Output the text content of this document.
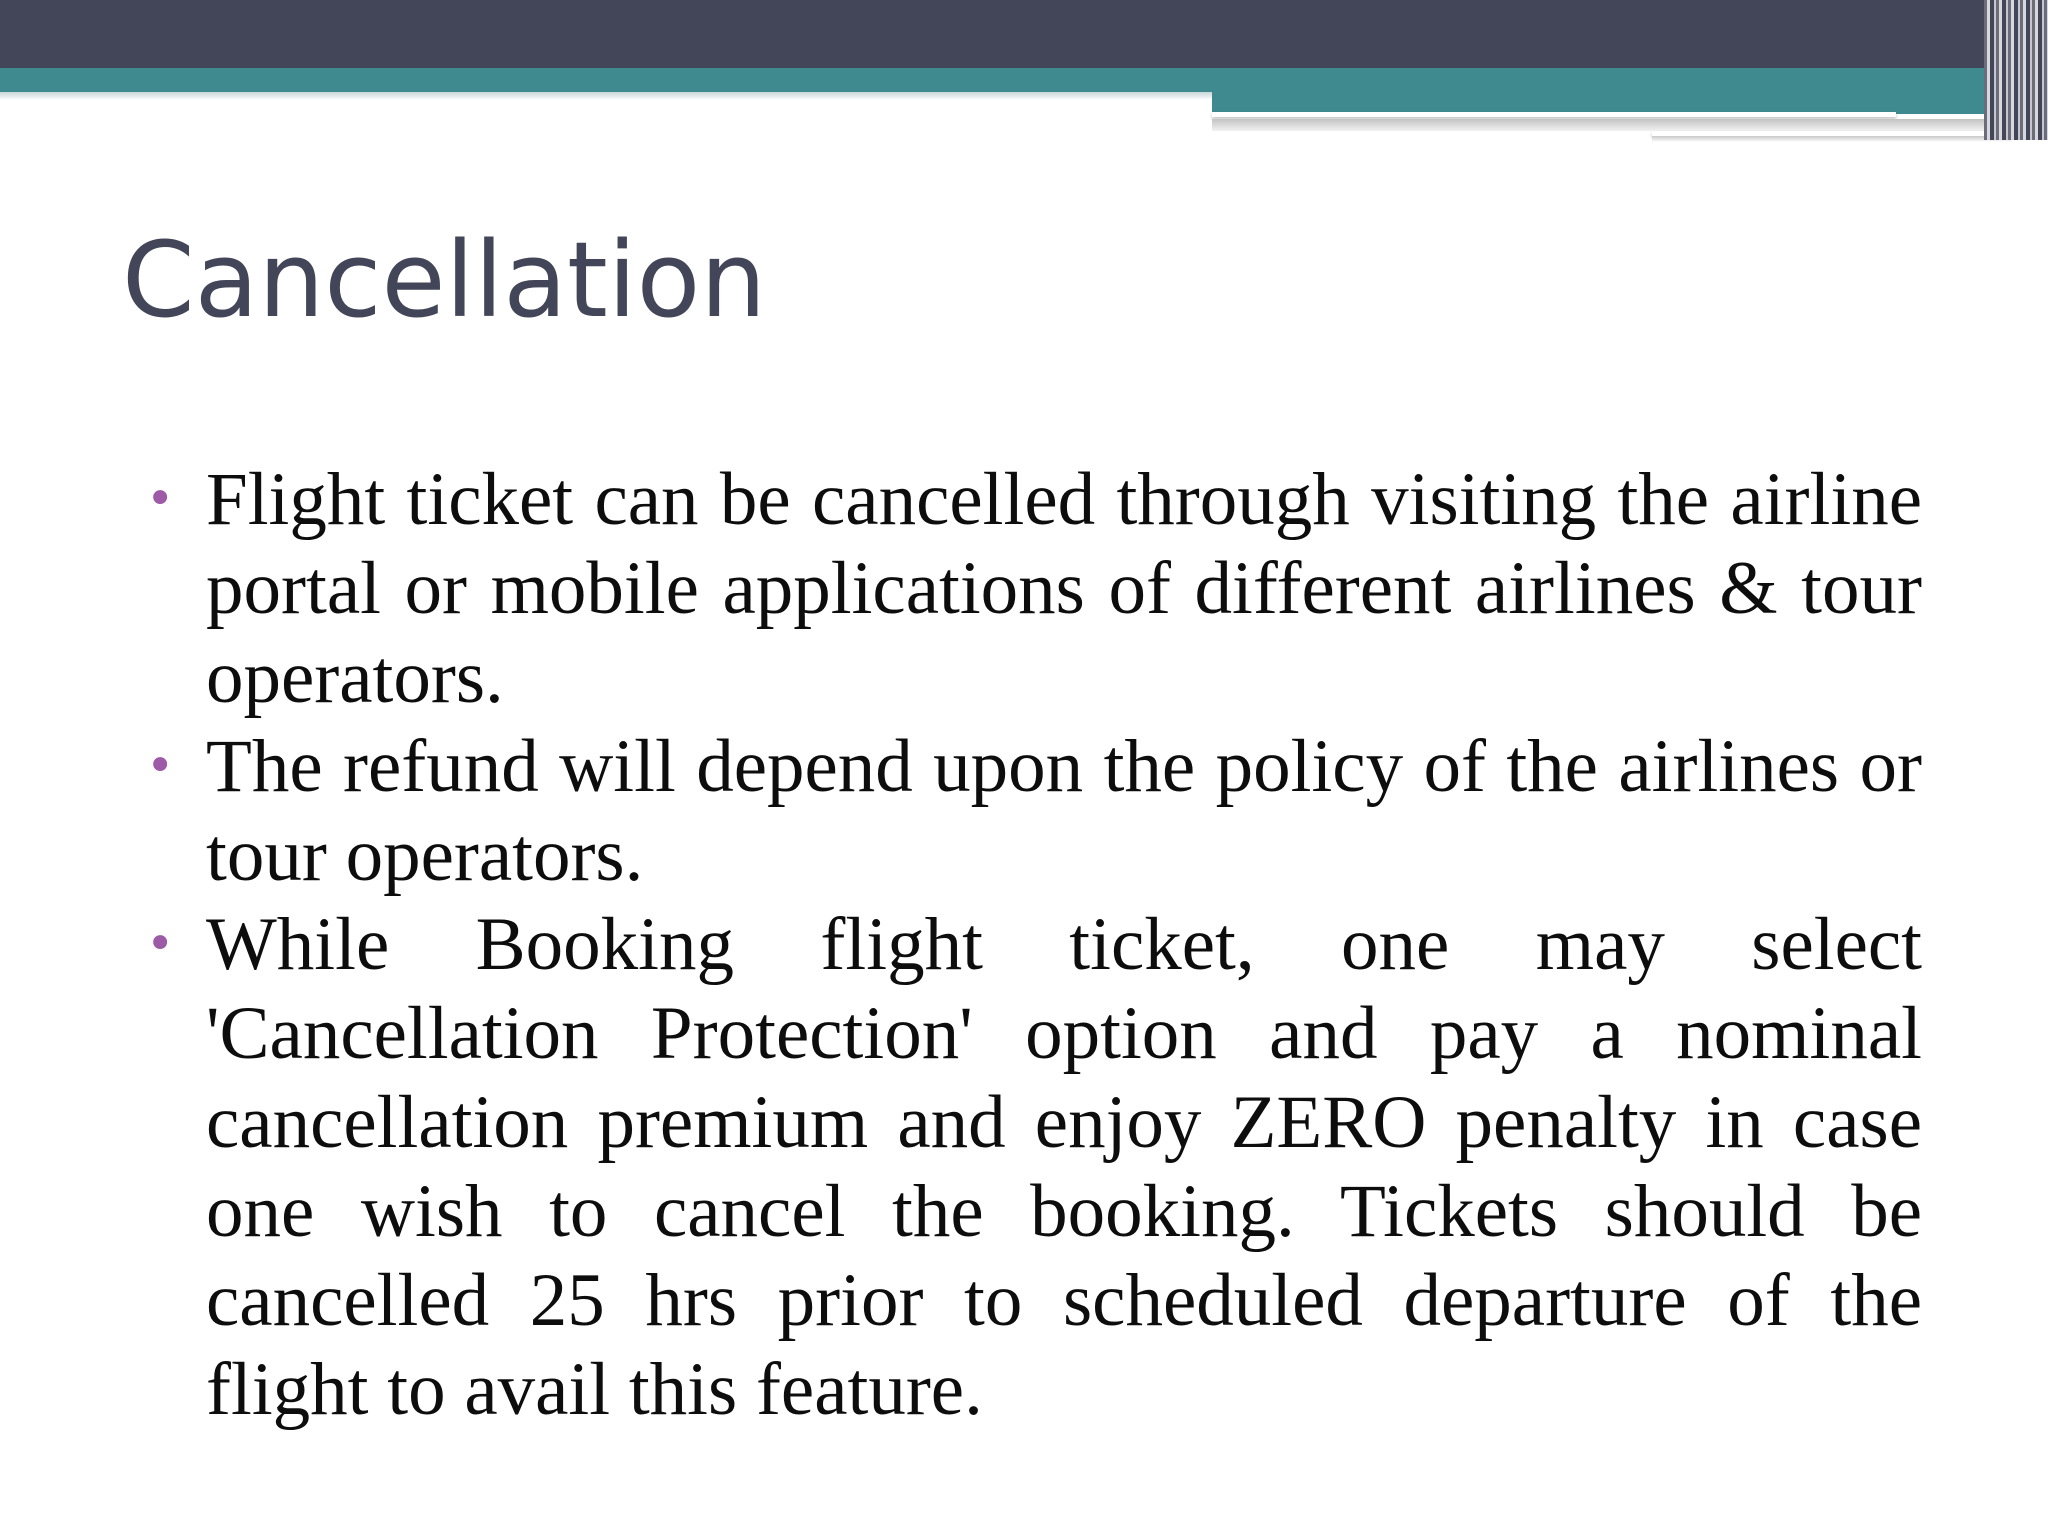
Cancellation
• Flight ticket can be cancelled through visiting the airline portal or mobile applications of different airlines & tour operators.
• The refund will depend upon the policy of the airlines or tour operators.
• While Booking flight ticket, one may select 'Cancellation Protection' option and pay a nominal cancellation premium and enjoy ZERO penalty in case one wish to cancel the booking. Tickets should be cancelled 25 hrs prior to scheduled departure of the flight to avail this feature.
